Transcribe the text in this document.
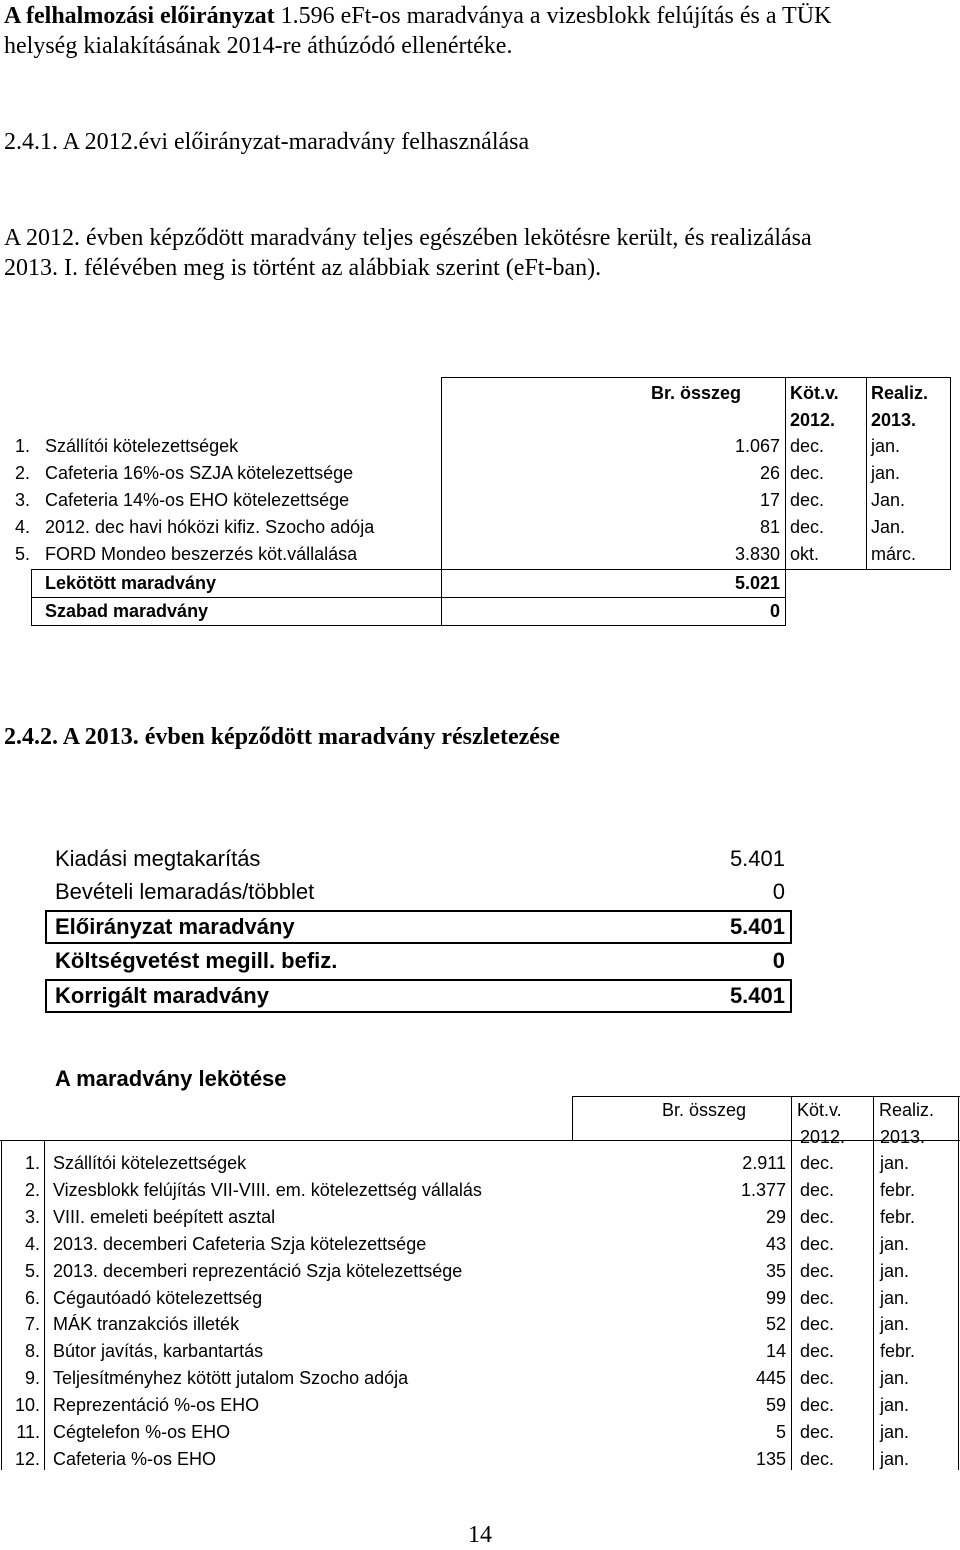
A felhalmozási előirányzat 1.596 eFt-os maradványa a vizesblokk felújítás és a TÜK
helység kialakításának 2014-re áthúzódó ellenértéke.
2.4.1. A 2012.évi előirányzat-maradvány felhasználása
A 2012. évben képződött maradvány teljes egészében lekötésre került, és realizálása
2013. I. félévében meg is történt az alábbiak szerint (eFt-ban).
Br. összeg	Köt.v. Realiz.
2012. 2013.
1. Szállítói kötelezettségek	1.067 dec.	jan.
2. Cafeteria 16%-os SZJA kötelezettsége	26 dec.	jan.
3. Cafeteria 14%-os EHO kötelezettsége	17 dec.	Jan.
4. 2012. dec havi hóközi kifiz. Szocho adója	81 dec.	Jan.
5. FORD Mondeo beszerzés köt.vállalása	3.830 okt.	márc.
Lekötött maradvány	5.021
Szabad maradvány	0
2.4.2. A 2013. évben képződött maradvány részletezése
Kiadási megtakarítás	5.401
Bevételi lemaradás/többlet	0
Előirányzat maradvány	5.401
Költségvetést megill. befiz.	0
Korrigált maradvány	5.401
A maradvány lekötése
Br. összeg	Köt.v. Realiz.
2012. 2013.
1. Szállítói kötelezettségek	2.911 dec.	jan.
2. Vizesblokk felújítás VII-VIII. em. kötelezettség vállalás	1.377 dec.	febr.
3. VIII. emeleti beépített asztal	29 dec.	febr.
4. 2013. decemberi Cafeteria Szja kötelezettsége	43 dec.	jan.
5. 2013. decemberi reprezentáció Szja kötelezettsége	35 dec.	jan.
6. Cégautóadó kötelezettség	99 dec.	jan.
7. MÁK tranzakciós illeték	52 dec.	jan.
8. Bútor javítás, karbantartás	14 dec.	febr.
9. Teljesítményhez kötött jutalom Szocho adója	445 dec.	jan.
10. Reprezentáció %-os EHO	59 dec.	jan.
11. Cégtelefon %-os EHO	5 dec.	jan.
12. Cafeteria %-os EHO	135 dec.	jan.
14
